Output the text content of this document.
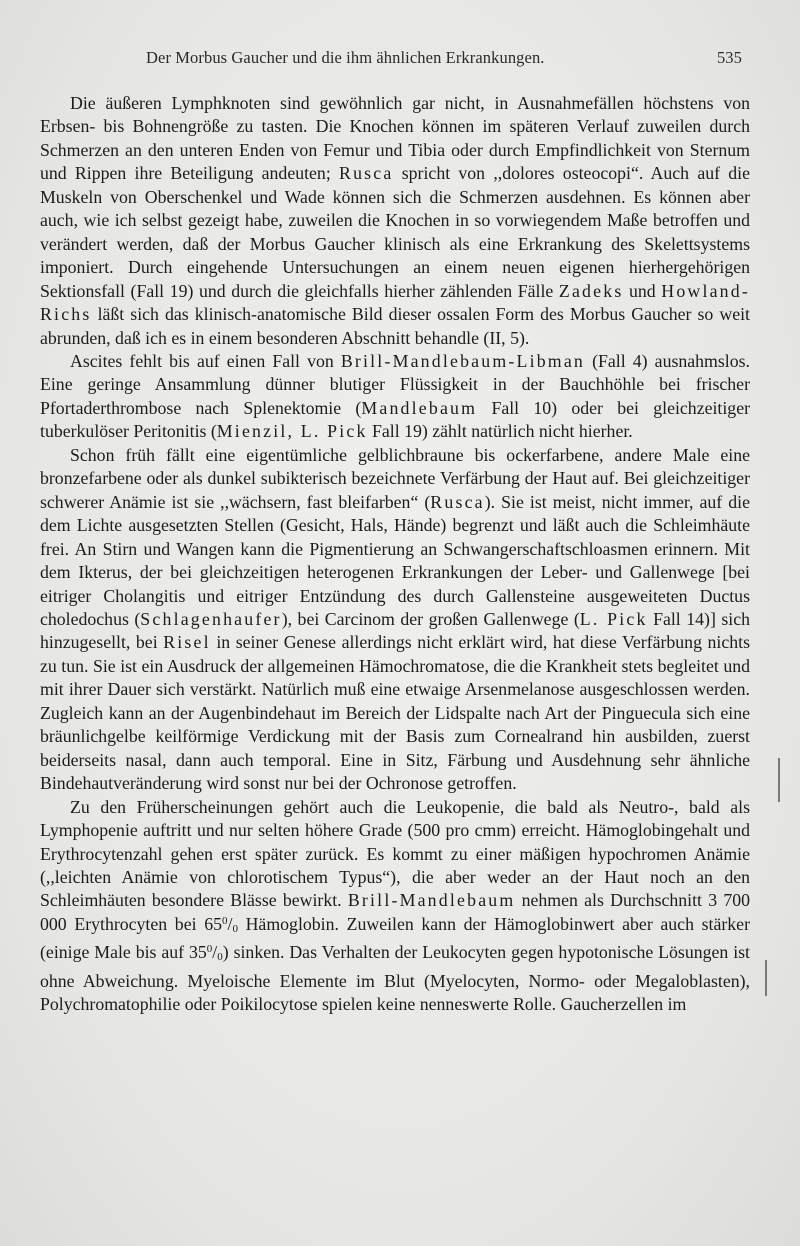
Der Morbus Gaucher und die ihm ähnlichen Erkrankungen.	535

Die äußeren Lymphknoten sind gewöhnlich gar nicht, in Ausnahmefällen höchstens von Erbsen- bis Bohnengröße zu tasten. Die Knochen können im späteren Verlauf zuweilen durch Schmerzen an den unteren Enden von Femur und Tibia oder durch Empfindlichkeit von Sternum und Rippen ihre Beteiligung andeuten; Rusca spricht von ,,dolores osteocopi“. Auch auf die Muskeln von Oberschenkel und Wade können sich die Schmerzen ausdehnen. Es können aber auch, wie ich selbst gezeigt habe, zuweilen die Knochen in so vorwiegendem Maße betroffen und verändert werden, daß der Morbus Gaucher klinisch als eine Erkrankung des Skelettsystems imponiert. Durch eingehende Untersuchungen an einem neuen eigenen hierhergehörigen Sektionsfall (Fall 19) und durch die gleichfalls hierher zählenden Fälle Zadeks und Howland-Richs läßt sich das klinisch-anatomische Bild dieser ossalen Form des Morbus Gaucher so weit abrunden, daß ich es in einem besonderen Abschnitt behandle (II, 5).

Ascites fehlt bis auf einen Fall von Brill-Mandlebaum-Libman (Fall 4) ausnahmslos. Eine geringe Ansammlung dünner blutiger Flüssigkeit in der Bauchhöhle bei frischer Pfortaderthrombose nach Splenektomie (Mandlebaum Fall 10) oder bei gleichzeitiger tuberkulöser Peritonitis (Mienzil, L. Pick Fall 19) zählt natürlich nicht hierher.

Schon früh fällt eine eigentümliche gelblichbraune bis ockerfarbene, andere Male eine bronzefarbene oder als dunkel subikterisch bezeichnete Verfärbung der Haut auf. Bei gleichzeitiger schwerer Anämie ist sie ,,wächsern, fast bleifarben“ (Rusca). Sie ist meist, nicht immer, auf die dem Lichte ausgesetzten Stellen (Gesicht, Hals, Hände) begrenzt und läßt auch die Schleimhäute frei. An Stirn und Wangen kann die Pigmentierung an Schwangerschaftschloasmen erinnern. Mit dem Ikterus, der bei gleichzeitigen heterogenen Erkrankungen der Leber- und Gallenwege [bei eitriger Cholangitis und eitriger Entzündung des durch Gallensteine ausgeweiteten Ductus choledochus (Schlagenhaufer), bei Carcinom der großen Gallenwege (L. Pick Fall 14)] sich hinzugesellt, bei Risel in seiner Genese allerdings nicht erklärt wird, hat diese Verfärbung nichts zu tun. Sie ist ein Ausdruck der allgemeinen Hämochromatose, die die Krankheit stets begleitet und mit ihrer Dauer sich verstärkt. Natürlich muß eine etwaige Arsenmelanose ausgeschlossen werden. Zugleich kann an der Augenbindehaut im Bereich der Lidspalte nach Art der Pinguecula sich eine bräunlichgelbe keilförmige Verdickung mit der Basis zum Cornealrand hin ausbilden, zuerst beiderseits nasal, dann auch temporal. Eine in Sitz, Färbung und Ausdehnung sehr ähnliche Bindehautveränderung wird sonst nur bei der Ochronose getroffen.

Zu den Früherscheinungen gehört auch die Leukopenie, die bald als Neutro-, bald als Lymphopenie auftritt und nur selten höhere Grade (500 pro cmm) erreicht. Hämoglobingehalt und Erythrocytenzahl gehen erst später zurück. Es kommt zu einer mäßigen hypochromen Anämie (,,leichten Anämie von chlorotischem Typus“), die aber weder an der Haut noch an den Schleimhäuten besondere Blässe bewirkt. Brill-Mandlebaum nehmen als Durchschnitt 3 700 000 Erythrocyten bei $65^0/_0$ Hämoglobin. Zuweilen kann der Hämoglobinwert aber auch stärker (einige Male bis auf $35^0/_0$) sinken. Das Verhalten der Leukocyten gegen hypotonische Lösungen ist ohne Abweichung. Myeloische Elemente im Blut (Myelocyten, Normo- oder Megaloblasten), Polychromatophilie oder Poikilocytose spielen keine nenneswerte Rolle. Gaucherzellen im
